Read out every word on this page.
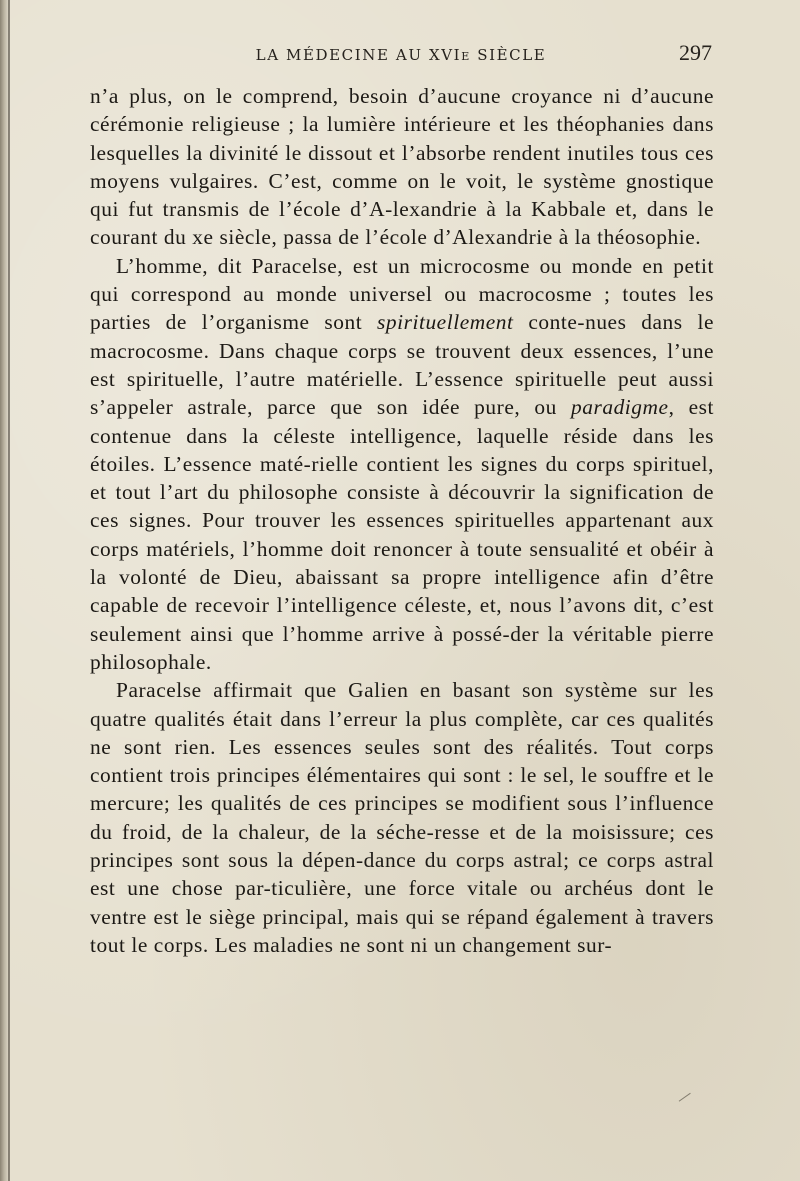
LA MÉDECINE AU XVIe SIÈCLE	297

n’a plus, on le comprend, besoin d’aucune croyance ni d’aucune cérémonie religieuse ; la lumière intérieure et les théophanies dans lesquelles la divinité le dissout et l’absorbe rendent inutiles tous ces moyens vulgaires. C’est, comme on le voit, le système gnostique qui fut transmis de l’école d’A-lexandrie à la Kabbale et, dans le courant du xe siècle, passa de l’école d’Alexandrie à la théosophie.

L’homme, dit Paracelse, est un microcosme ou monde en petit qui correspond au monde universel ou macrocosme ; toutes les parties de l’organisme sont spirituellement conte-nues dans le macrocosme. Dans chaque corps se trouvent deux essences, l’une est spirituelle, l’autre matérielle. L’essence spirituelle peut aussi s’appeler astrale, parce que son idée pure, ou paradigme, est contenue dans la céleste intelligence, laquelle réside dans les étoiles. L’essence maté-rielle contient les signes du corps spirituel, et tout l’art du philosophe consiste à découvrir la signification de ces signes. Pour trouver les essences spirituelles appartenant aux corps matériels, l’homme doit renoncer à toute sensualité et obéir à la volonté de Dieu, abaissant sa propre intelligence afin d’être capable de recevoir l’intelligence céleste, et, nous l’avons dit, c’est seulement ainsi que l’homme arrive à possé-der la véritable pierre philosophale.

Paracelse affirmait que Galien en basant son système sur les quatre qualités était dans l’erreur la plus complète, car ces qualités ne sont rien. Les essences seules sont des réalités. Tout corps contient trois principes élémentaires qui sont : le sel, le souffre et le mercure; les qualités de ces principes se modifient sous l’influence du froid, de la chaleur, de la séche-resse et de la moisissure; ces principes sont sous la dépen-dance du corps astral; ce corps astral est une chose par-ticulière, une force vitale ou archéus dont le ventre est le siège principal, mais qui se répand également à travers tout le corps. Les maladies ne sont ni un changement sur-
